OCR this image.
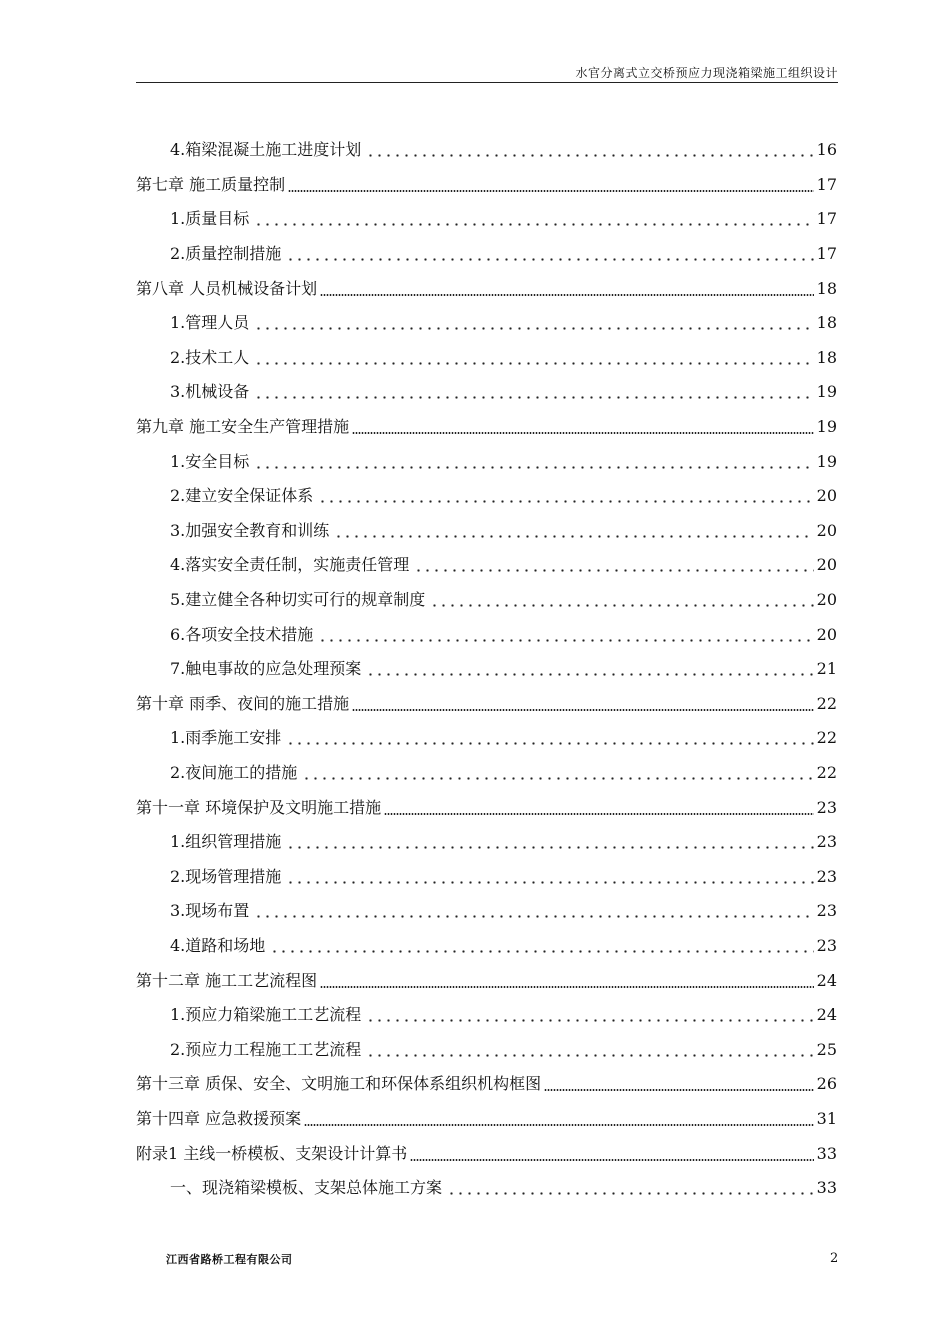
水官分离式立交桥预应力现浇箱梁施工组织设计
4.箱梁混凝土施工进度计划	16
第七章 施工质量控制	17
1.质量目标	17
2.质量控制措施	17
第八章 人员机械设备计划	18
1.管理人员	18
2.技术工人	18
3.机械设备	19
第九章 施工安全生产管理措施	19
1.安全目标	19
2.建立安全保证体系	20
3.加强安全教育和训练	20
4.落实安全责任制，实施责任管理	20
5.建立健全各种切实可行的规章制度	20
6.各项安全技术措施	20
7.触电事故的应急处理预案	21
第十章 雨季、夜间的施工措施	22
1.雨季施工安排	22
2.夜间施工的措施	22
第十一章 环境保护及文明施工措施	23
1.组织管理措施	23
2.现场管理措施	23
3.现场布置	23
4.道路和场地	23
第十二章 施工工艺流程图	24
1.预应力箱梁施工工艺流程	24
2.预应力工程施工工艺流程	25
第十三章 质保、安全、文明施工和环保体系组织机构框图	26
第十四章 应急救援预案	31
附录1 主线一桥模板、支架设计计算书	33
一、现浇箱梁模板、支架总体施工方案	33
江西省路桥工程有限公司	2
